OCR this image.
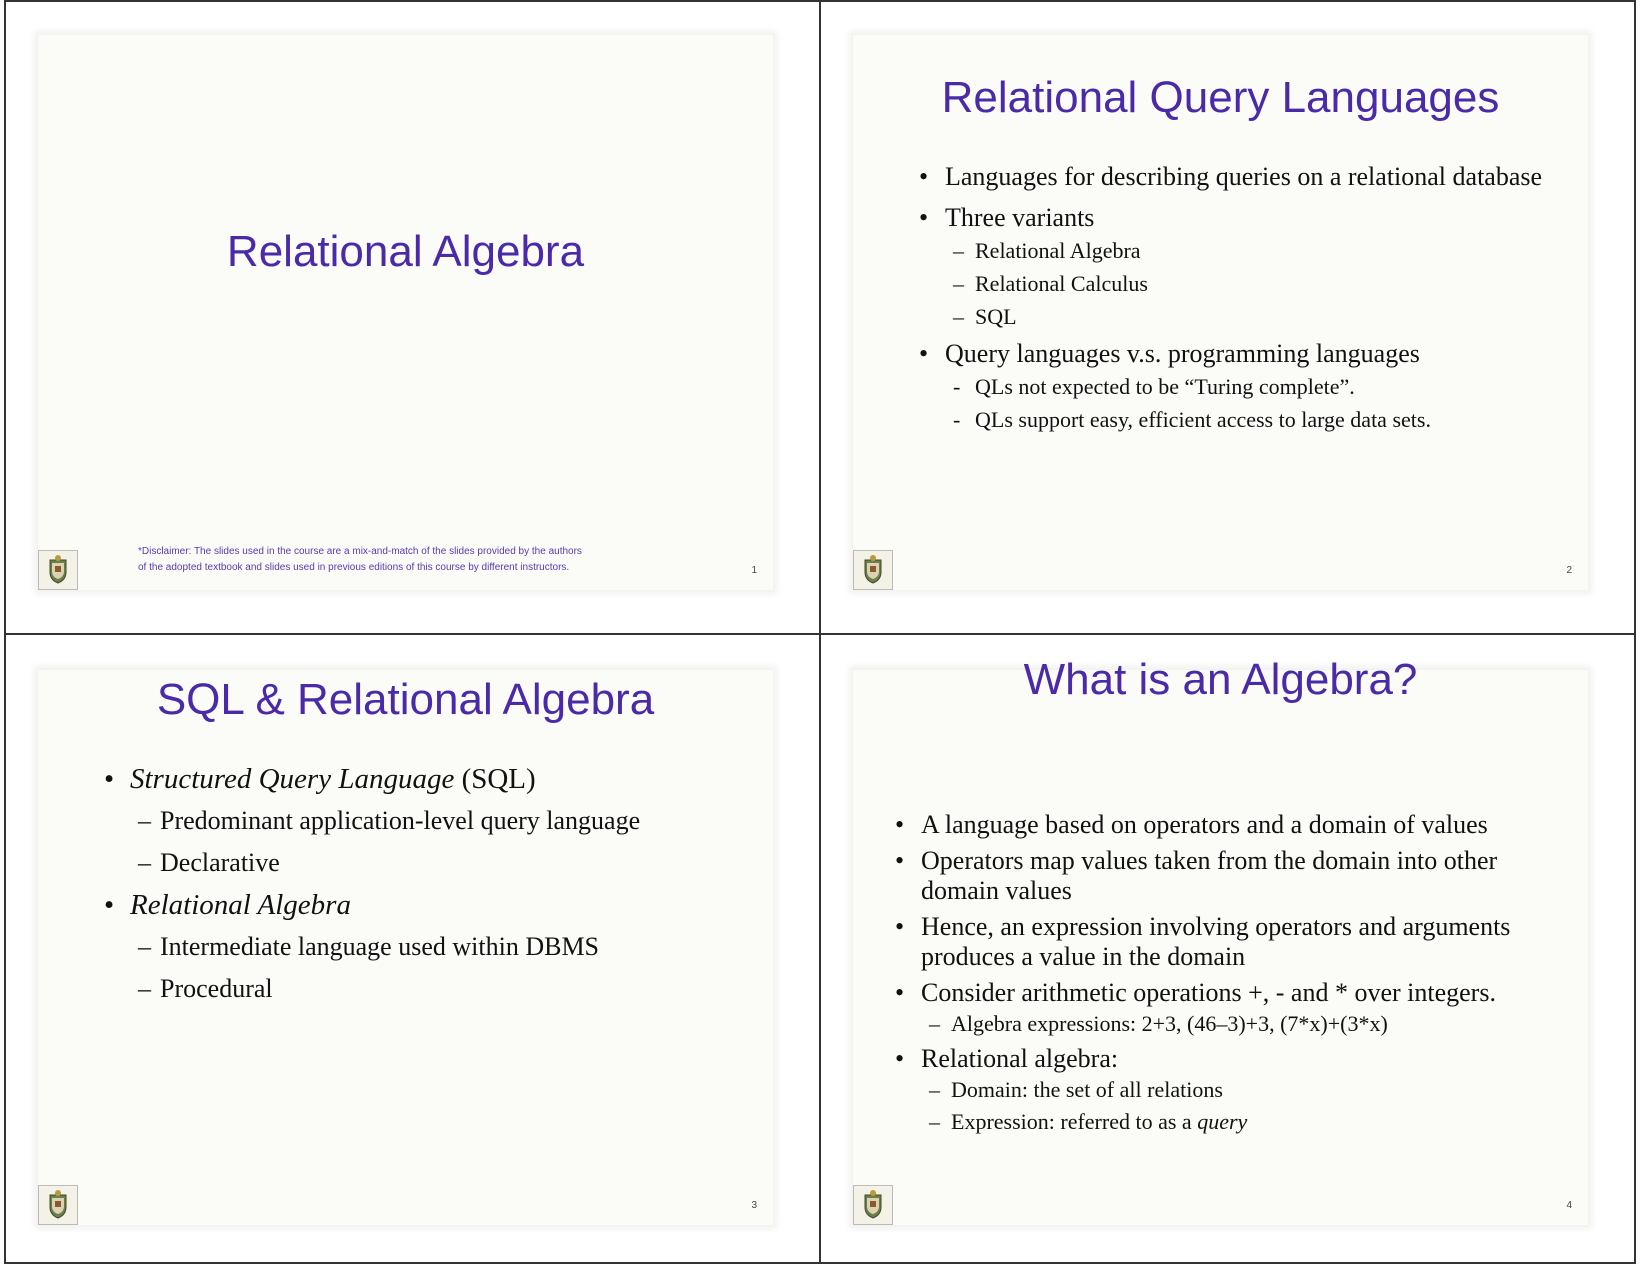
Relational Algebra
*Disclaimer: The slides used in the course are a mix-and-match of the slides provided by the authors
of the adopted textbook and slides used in previous editions of this course by different instructors.	1
Relational Query Languages
• Languages for describing queries on a relational database
• Three variants
– Relational Algebra
– Relational Calculus
– SQL
• Query languages v.s. programming languages
- QLs not expected to be “Turing complete”.
- QLs support easy, efficient access to large data sets.
2
SQL & Relational Algebra
• Structured Query Language (SQL)
– Predominant application-level query language
– Declarative
• Relational Algebra
– Intermediate language used within DBMS
– Procedural
3
What is an Algebra?
• A language based on operators and a domain of values
• Operators map values taken from the domain into other domain values
• Hence, an expression involving operators and arguments produces a value in the domain
• Consider arithmetic operations +, - and * over integers.
– Algebra expressions: 2+3, (46–3)+3, (7*x)+(3*x)
• Relational algebra:
– Domain: the set of all relations
– Expression: referred to as a query
4
